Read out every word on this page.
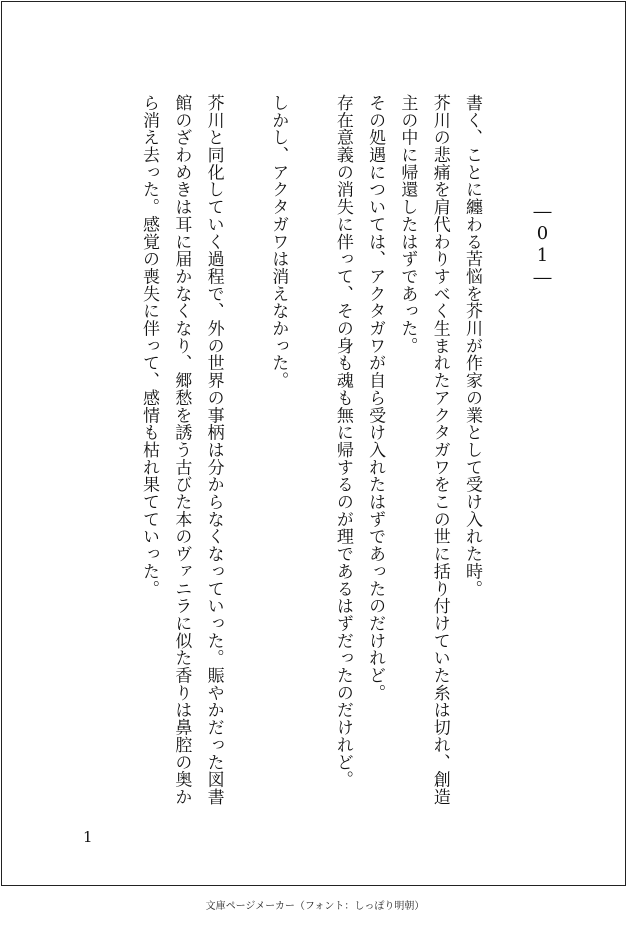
―01―

書く、ことに纏わる苦悩を芥川が作家の業として受け入れた時。

芥川の悲痛を肩代わりすべく生まれたアクタガワをこの世に括り付けていた糸は切れ、創造主の中に帰還したはずであった。

その処遇については、アクタガワが自ら受け入れたはずであったのだけれど。

存在意義の消失に伴って、その身も魂も無に帰するのが理であるはずだったのだけれど。

しかし、アクタガワは消えなかった。

芥川と同化していく過程で、外の世界の事柄は分からなくなっていった。賑やかだった図書館のざわめきは耳に届かなくなり、郷愁を誘う古びた本のヴァニラに似た香りは鼻腔の奥から消え去った。感覚の喪失に伴って、感情も枯れ果てていった。

1
文庫ページメーカー（フォント：しっぽり明朝）
